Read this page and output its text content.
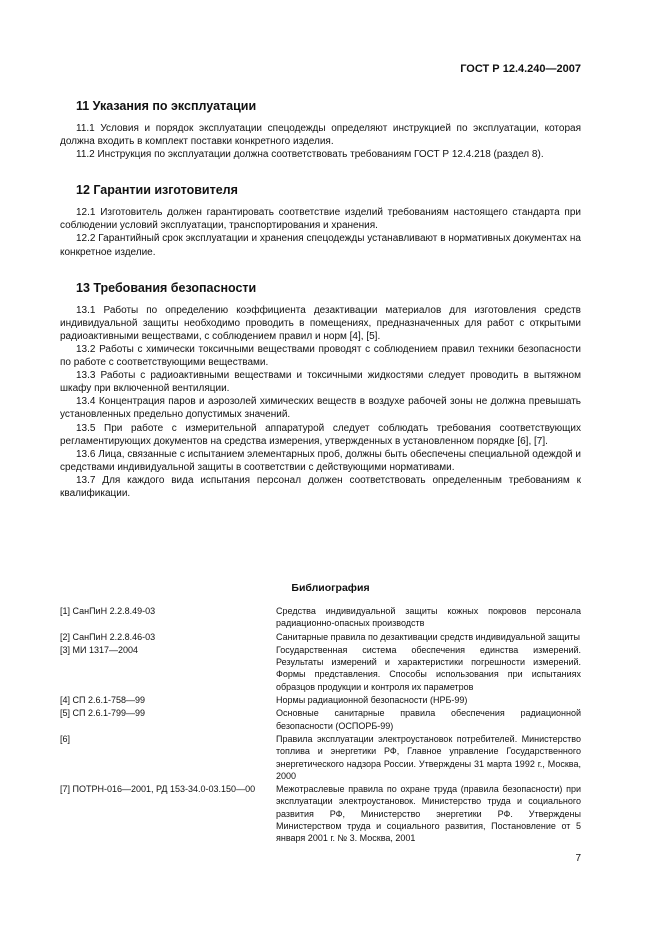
ГОСТ Р 12.4.240—2007
11 Указания по эксплуатации

11.1 Условия и порядок эксплуатации спецодежды определяют инструкцией по эксплуатации, которая должна входить в комплект поставки конкретного изделия.

11.2 Инструкция по эксплуатации должна соответствовать требованиям ГОСТ Р 12.4.218 (раздел 8).

12 Гарантии изготовителя

12.1 Изготовитель должен гарантировать соответствие изделий требованиям настоящего стандарта при соблюдении условий эксплуатации, транспортирования и хранения.

12.2 Гарантийный срок эксплуатации и хранения спецодежды устанавливают в нормативных документах на конкретное изделие.

13 Требования безопасности

13.1 Работы по определению коэффициента дезактивации материалов для изготовления средств индивидуальной защиты необходимо проводить в помещениях, предназначенных для работ с открытыми радиоактивными веществами, с соблюдением правил и норм [4], [5].

13.2 Работы с химически токсичными веществами проводят с соблюдением правил техники безопасности по работе с соответствующими веществами.

13.3 Работы с радиоактивными веществами и токсичными жидкостями следует проводить в вытяжном шкафу при включенной вентиляции.

13.4 Концентрация паров и аэрозолей химических веществ в воздухе рабочей зоны не должна превышать установленных предельно допустимых значений.

13.5 При работе с измерительной аппаратурой следует соблюдать требования соответствующих регламентирующих документов на средства измерения, утвержденных в установленном порядке [6], [7].

13.6 Лица, связанные с испытанием элементарных проб, должны быть обеспечены специальной одеждой и средствами индивидуальной защиты в соответствии с действующими нормативами.

13.7 Для каждого вида испытания персонал должен соответствовать определенным требованиям к квалификации.

Библиография
[1] СанПиН 2.2.8.49-03	Средства индивидуальной защиты кожных покровов персонала радиационно-опасных производств
[2] СанПиН 2.2.8.46-03	Санитарные правила по дезактивации средств индивидуальной защиты
[3] МИ 1317—2004	Государственная система обеспечения единства измерений. Результаты измерений и характеристики погрешности измерений. Формы представления. Способы использования при испытаниях образцов продукции и контроля их параметров
[4] СП 2.6.1-758—99	Нормы радиационной безопасности (НРБ-99)
[5] СП 2.6.1-799—99	Основные санитарные правила обеспечения радиационной безопасности (ОСПОРБ-99)
[6]	Правила эксплуатации электроустановок потребителей. Министерство топлива и энергетики РФ, Главное управление Государственного энергетического надзора России. Утверждены 31 марта 1992 г., Москва, 2000
[7] ПОТРН-016—2001, РД 153-34.0-03.150—00	Межотраслевые правила по охране труда (правила безопасности) при эксплуатации электроустановок. Министерство труда и социального развития РФ, Министерство энергетики РФ. Утверждены Министерством труда и социального развития, Постановление от 5 января 2001 г. № 3. Москва, 2001
7
